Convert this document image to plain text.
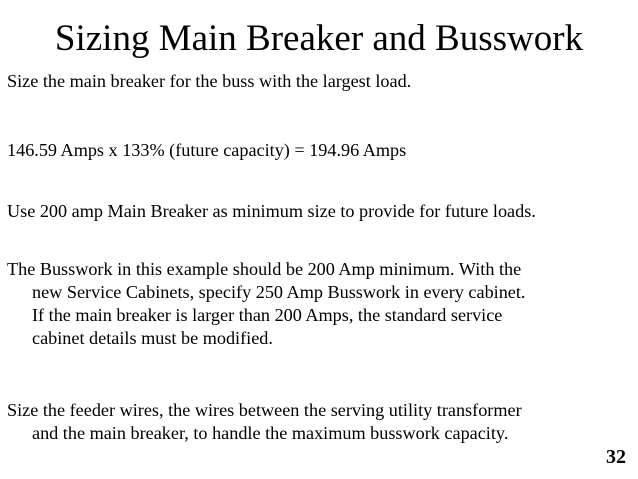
Sizing Main Breaker and Busswork
Size the main breaker for the buss with the largest load.
146.59 Amps x 133% (future capacity) = 194.96 Amps
Use 200 amp Main Breaker as minimum size to provide for future loads.
The Busswork in this example should be 200 Amp minimum. With the
new Service Cabinets, specify 250 Amp Busswork in every cabinet.
If the main breaker is larger than 200 Amps, the standard service
cabinet details must be modified.
Size the feeder wires, the wires between the serving utility transformer
and the main breaker, to handle the maximum busswork capacity.
32
